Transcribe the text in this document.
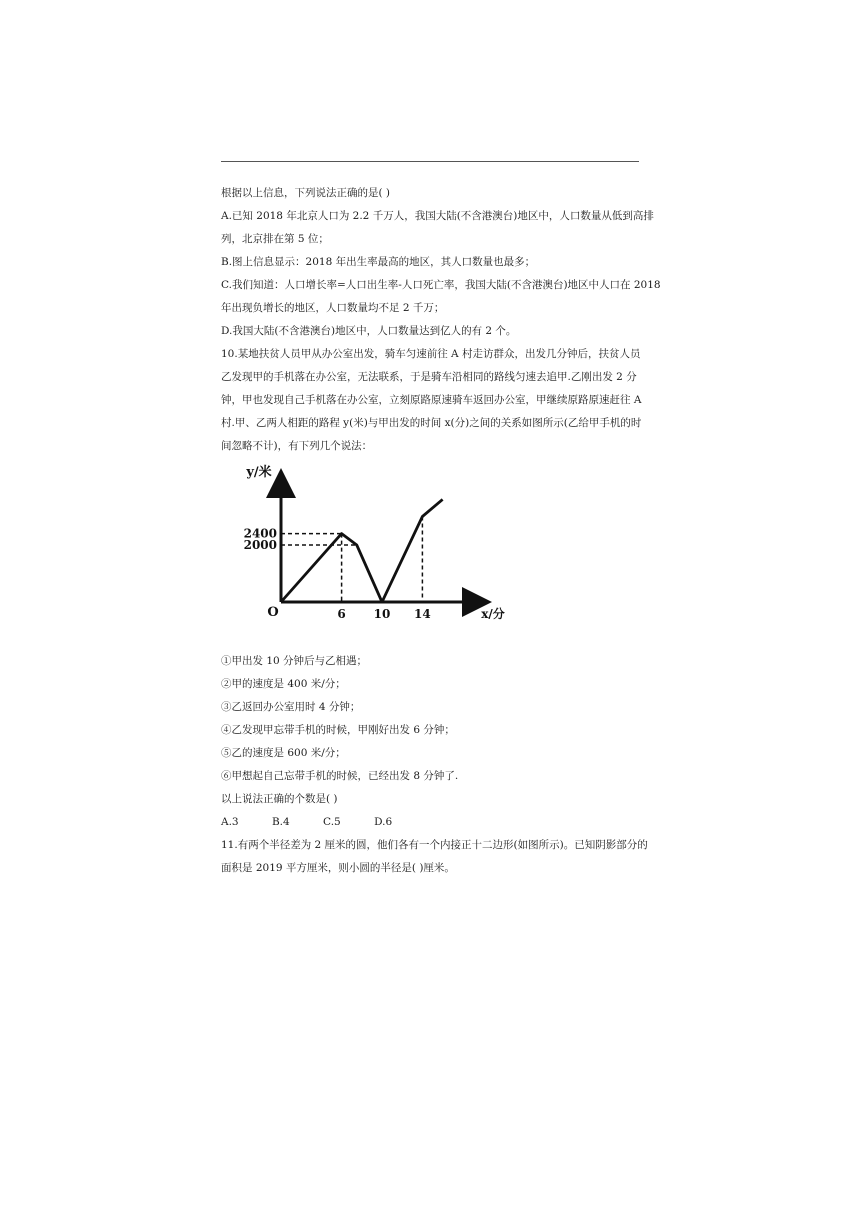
根据以上信息，下列说法正确的是( )
A.已知 2018 年北京人口为 2.2 千万人，我国大陆(不含港澳台)地区中，人口数量从低到高排
列，北京排在第 5 位；
B.图上信息显示：2018 年出生率最高的地区，其人口数量也最多；
C.我们知道：人口增长率=人口出生率-人口死亡率，我国大陆(不含港澳台)地区中人口在 2018
年出现负增长的地区，人口数量均不足 2 千万；
D.我国大陆(不含港澳台)地区中，人口数量达到亿人的有 2 个。
10.某地扶贫人员甲从办公室出发，骑车匀速前往 A 村走访群众，出发几分钟后，扶贫人员
乙发现甲的手机落在办公室，无法联系，于是骑车沿相同的路线匀速去追甲.乙刚出发 2 分
钟，甲也发现自己手机落在办公室，立刻原路原速骑车返回办公室，甲继续原路原速赶往 A
村.甲、乙两人相距的路程 y(米)与甲出发的时间 x(分)之间的关系如图所示(乙给甲手机的时
间忽略不计)，有下列几个说法：
y/米
x/分
O	6 10 14
2400
2000
①甲出发 10 分钟后与乙相遇；
②甲的速度是 400 米/分；
③乙返回办公室用时 4 分钟；
④乙发现甲忘带手机的时候，甲刚好出发 6 分钟；
⑤乙的速度是 600 米/分；
⑥甲想起自己忘带手机的时候，已经出发 8 分钟了.
以上说法正确的个数是( )
A.3	B.4	C.5	D.6
11.有两个半径差为 2 厘米的圆，他们各有一个内接正十二边形(如图所示)。已知阴影部分的
面积是 2019 平方厘米，则小圆的半径是( )厘米。
